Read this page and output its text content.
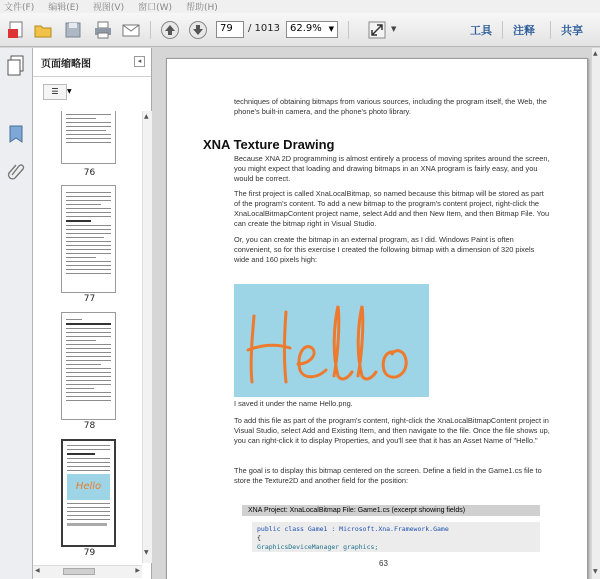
文件(F) 编辑(E) 视图(V) 窗口(W) 帮助(H)
79	/ 1013	62.9% ▼	▼	工具 注释 共享
页面缩略图	◂
☰	▼
76
77
78
Hello
79
▲
▼
◀	▶
techniques of obtaining bitmaps from various sources, including the program itself, the Web, the phone's built-in camera, and the phone's photo library.
XNA Texture Drawing
Because XNA 2D programming is almost entirely a process of moving sprites around the screen, you might expect that loading and drawing bitmaps in an XNA program is fairly easy, and you would be correct.
The first project is called XnaLocalBitmap, so named because this bitmap will be stored as part of the program's content. To add a new bitmap to the program's content project, right-click the XnaLocalBitmapContent project name, select Add and then New Item, and then Bitmap File. You can create the bitmap right in Visual Studio.
Or, you can create the bitmap in an external program, as I did. Windows Paint is often convenient, so for this exercise I created the following bitmap with a dimension of 320 pixels wide and 160 pixels high:
I saved it under the name Hello.png.
To add this file as part of the program's content, right-click the XnaLocalBitmapContent project in Visual Studio, select Add and Existing Item, and then navigate to the file. Once the file shows up, you can right-click it to display Properties, and you'll see that it has an Asset Name of "Hello."
The goal is to display this bitmap centered on the screen. Define a field in the Game1.cs file to store the Texture2D and another field for the position:
XNA Project: XnaLocalBitmap File: Game1.cs (excerpt showing fields)
public class Game1 : Microsoft.Xna.Framework.Game
{
GraphicsDeviceManager graphics;
63
▲
▼
